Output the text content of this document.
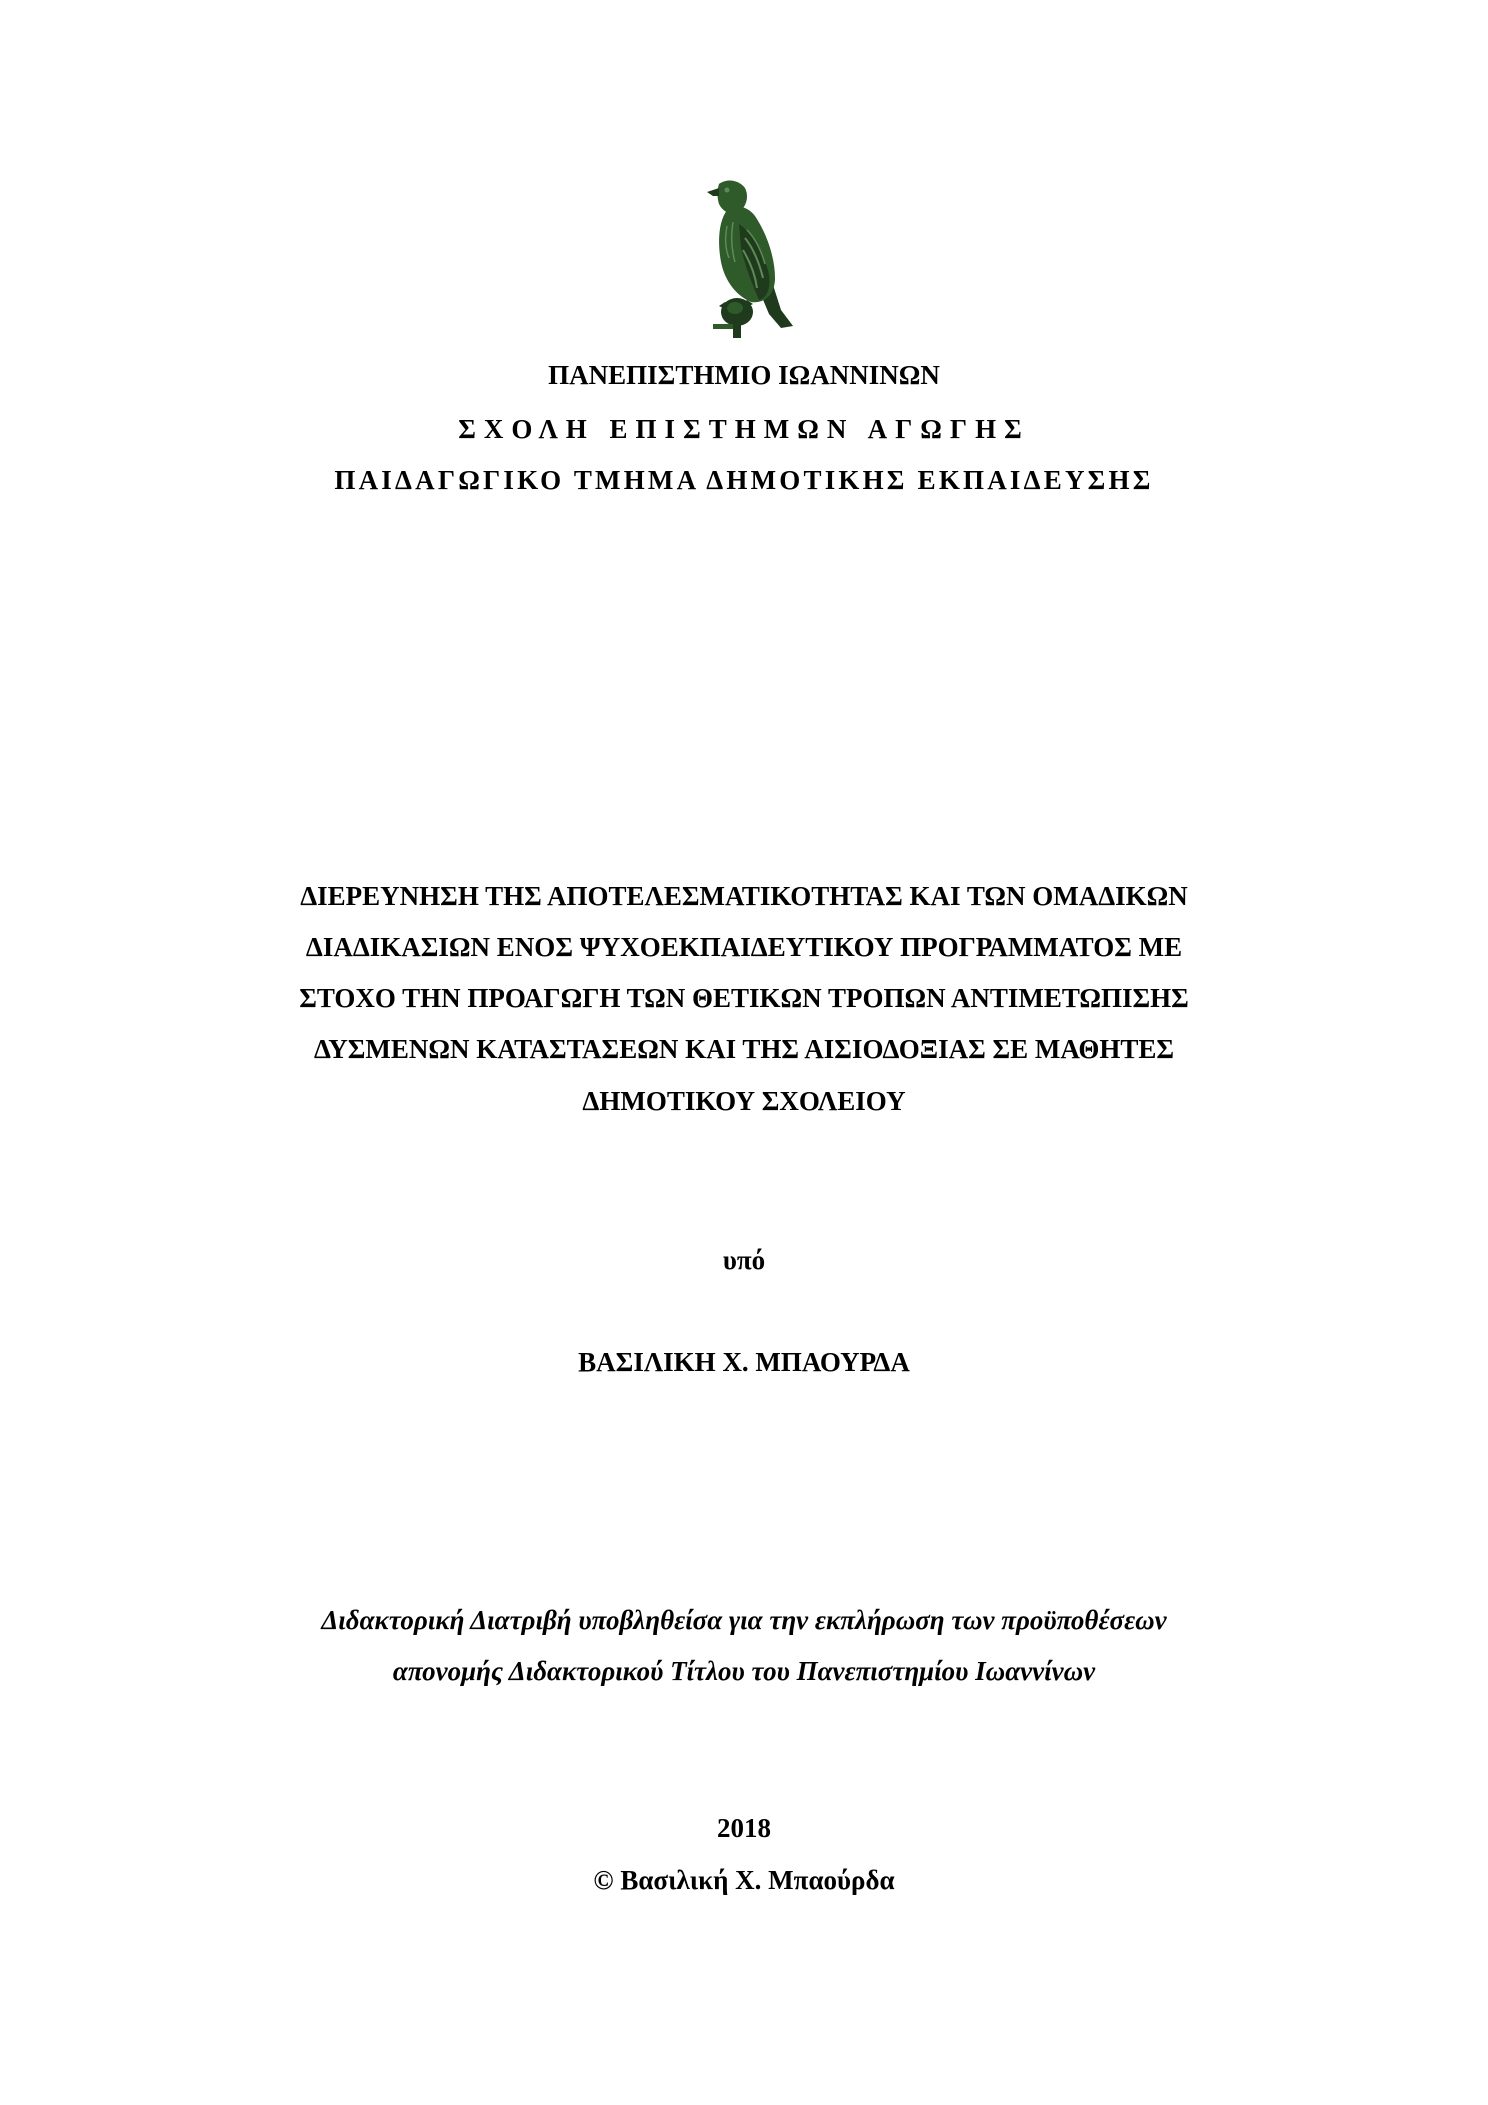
ΠΑΝΕΠΙΣΤΗΜΙΟ ΙΩΑΝΝΙΝΩΝ

ΣΧΟΛΗ ΕΠΙΣΤΗΜΩΝ ΑΓΩΓΗΣ

ΠΑΙΔΑΓΩΓΙΚΟ ΤΜΗΜΑ ΔΗΜΟΤΙΚΗΣ ΕΚΠΑΙΔΕΥΣΗΣ

ΔΙΕΡΕΥΝΗΣΗ ΤΗΣ ΑΠΟΤΕΛΕΣΜΑΤΙΚΟΤΗΤΑΣ ΚΑΙ ΤΩΝ ΟΜΑΔΙΚΩΝ

ΔΙΑΔΙΚΑΣΙΩΝ ΕΝΟΣ ΨΥΧΟΕΚΠΑΙΔΕΥΤΙΚΟΥ ΠΡΟΓΡΑΜΜΑΤΟΣ ΜΕ

ΣΤΟΧΟ ΤΗΝ ΠΡΟΑΓΩΓΗ ΤΩΝ ΘΕΤΙΚΩΝ ΤΡΟΠΩΝ ΑΝΤΙΜΕΤΩΠΙΣΗΣ

ΔΥΣΜΕΝΩΝ ΚΑΤΑΣΤΑΣΕΩΝ ΚΑΙ ΤΗΣ ΑΙΣΙΟΔΟΞΙΑΣ ΣΕ ΜΑΘΗΤΕΣ

ΔΗΜΟΤΙΚΟΥ ΣΧΟΛΕΙΟΥ

υπό

ΒΑΣΙΛΙΚΗ Χ. ΜΠΑΟΥΡΔΑ

Διδακτορική Διατριβή υποβληθείσα για την εκπλήρωση των προϋποθέσεων

απονομής Διδακτορικού Τίτλου του Πανεπιστημίου Ιωαννίνων

2018

© Βασιλική Χ. Μπαούρδα
